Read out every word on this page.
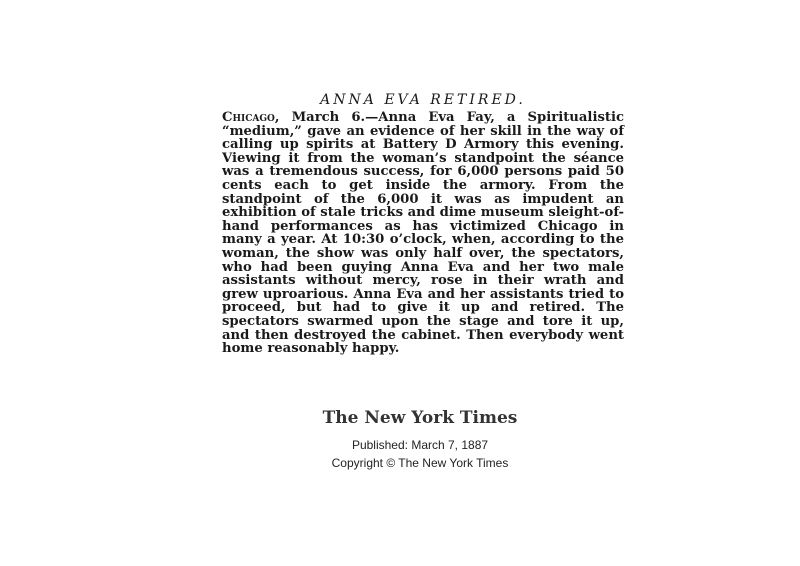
ANNA EVA RETIRED.

Chicago, March 6.—Anna Eva Fay, a Spiritualistic “medium,” gave an evidence of her skill in the way of calling up spirits at Battery D Armory this evening. Viewing it from the woman’s standpoint the séance was a tremendous success, for 6,000 persons paid 50 cents each to get inside the armory. From the standpoint of the 6,000 it was as impudent an exhibition of stale tricks and dime museum sleight-of-hand performances as has victimized Chicago in many a year. At 10:30 o’clock, when, according to the woman, the show was only half over, the spectators, who had been guying Anna Eva and her two male assistants without mercy, rose in their wrath and grew uproarious. Anna Eva and her assistants tried to proceed, but had to give it up and retired. The spectators swarmed upon the stage and tore it up, and then destroyed the cabinet. Then everybody went home reasonably happy.

The New York Times
Published: March 7, 1887
Copyright © The New York Times
